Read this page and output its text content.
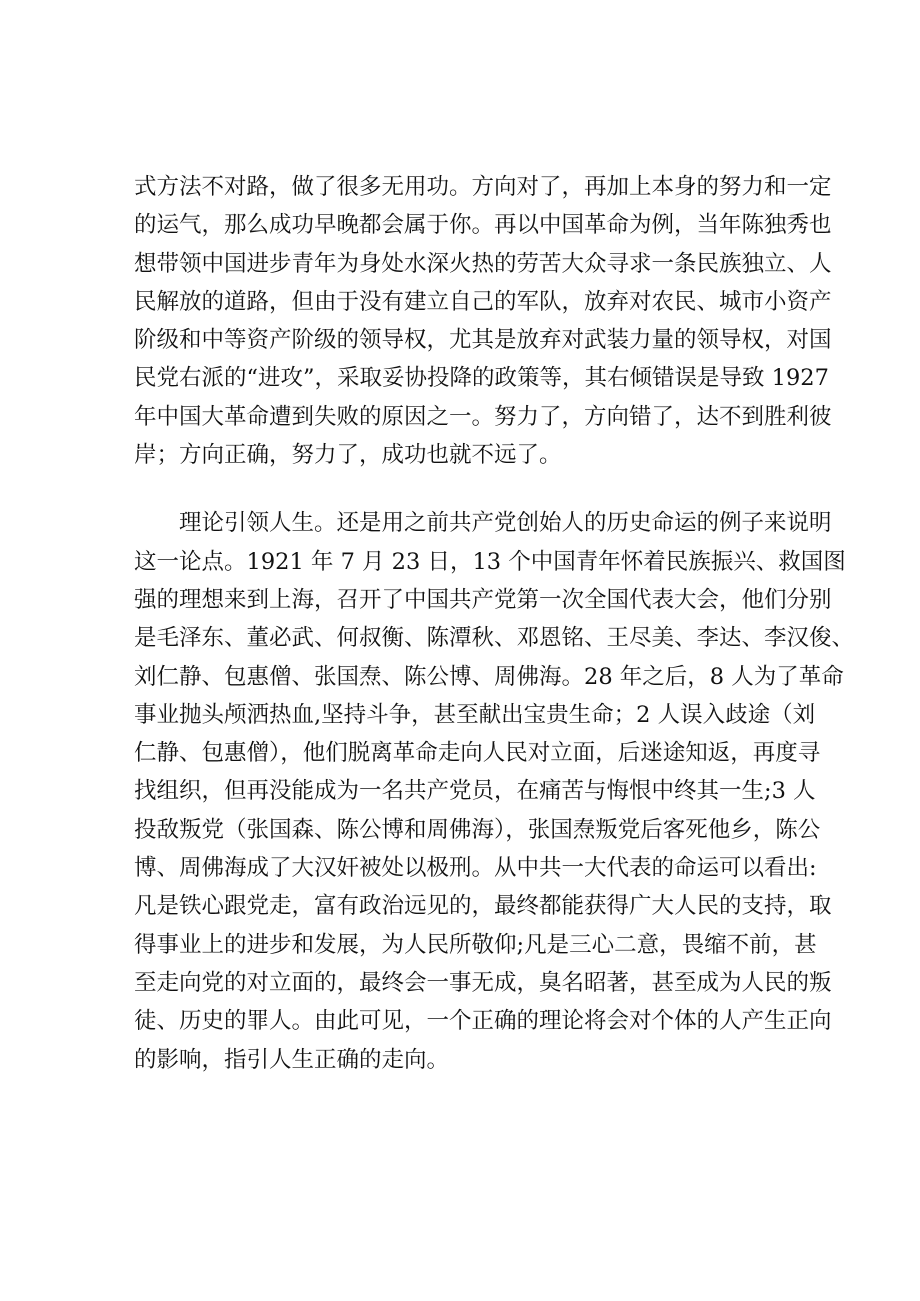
式方法不对路，做了很多无用功。方向对了，再加上本身的努力和一定
的运气，那么成功早晚都会属于你。再以中国革命为例，当年陈独秀也
想带领中国进步青年为身处水深火热的劳苦大众寻求一条民族独立、人
民解放的道路，但由于没有建立自己的军队，放弃对农民、城市小资产
阶级和中等资产阶级的领导权，尤其是放弃对武装力量的领导权，对国
民党右派的“进攻”，采取妥协投降的政策等，其右倾错误是导致 1927
年中国大革命遭到失败的原因之一。努力了，方向错了，达不到胜利彼
岸；方向正确，努力了，成功也就不远了。
　　理论引领人生。还是用之前共产党创始人的历史命运的例子来说明
这一论点。1921 年 7 月 23 日，13 个中国青年怀着民族振兴、救国图
强的理想来到上海，召开了中国共产党第一次全国代表大会，他们分别
是毛泽东、董必武、何叔衡、陈潭秋、邓恩铭、王尽美、李达、李汉俊、
刘仁静、包惠僧、张国焘、陈公博、周佛海。28 年之后，8 人为了革命
事业抛头颅洒热血,坚持斗争，甚至献出宝贵生命；2 人误入歧途（刘
仁静、包惠僧），他们脱离革命走向人民对立面，后迷途知返，再度寻
找组织，但再没能成为一名共产党员，在痛苦与悔恨中终其一生;3 人
投敌叛党（张国森、陈公博和周佛海），张国焘叛党后客死他乡，陈公
博、周佛海成了大汉奸被处以极刑。从中共一大代表的命运可以看出:
凡是铁心跟党走，富有政治远见的，最终都能获得广大人民的支持，取
得事业上的进步和发展，为人民所敬仰;凡是三心二意，畏缩不前，甚
至走向党的对立面的，最终会一事无成，臭名昭著，甚至成为人民的叛
徒、历史的罪人。由此可见，一个正确的理论将会对个体的人产生正向
的影响，指引人生正确的走向。
